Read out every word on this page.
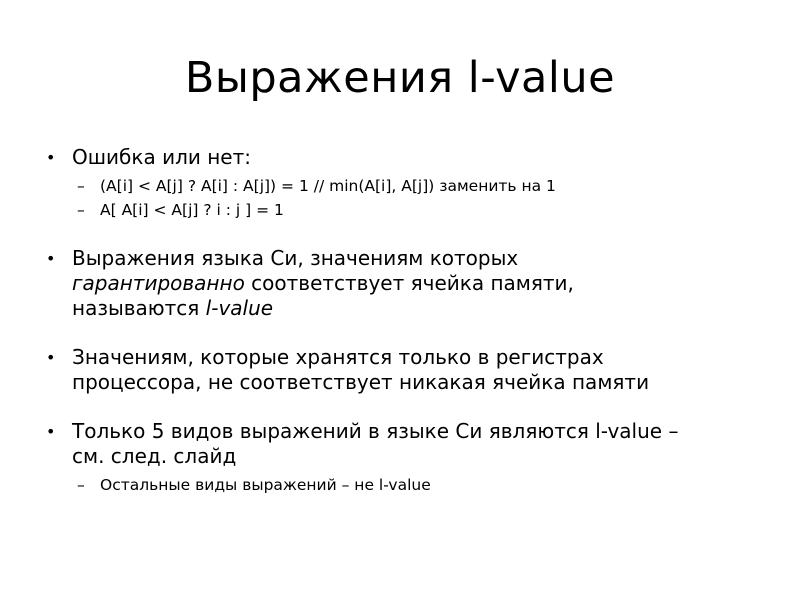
Выражения l-value
• Ошибка или нет:
– (A[i] < A[j] ? A[i] : A[j]) = 1 // min(A[i], A[j]) заменить на 1
– A[ A[i] < A[j] ? i : j ] = 1
• Выражения языка Си, значениям которых
гарантированно соответствует ячейка памяти,
называются l-value
• Значениям, которые хранятся только в регистрах
процессора, не соответствует никакая ячейка памяти
• Только 5 видов выражений в языке Си являются l-value –
см. след. слайд
– Остальные виды выражений – не l-value
